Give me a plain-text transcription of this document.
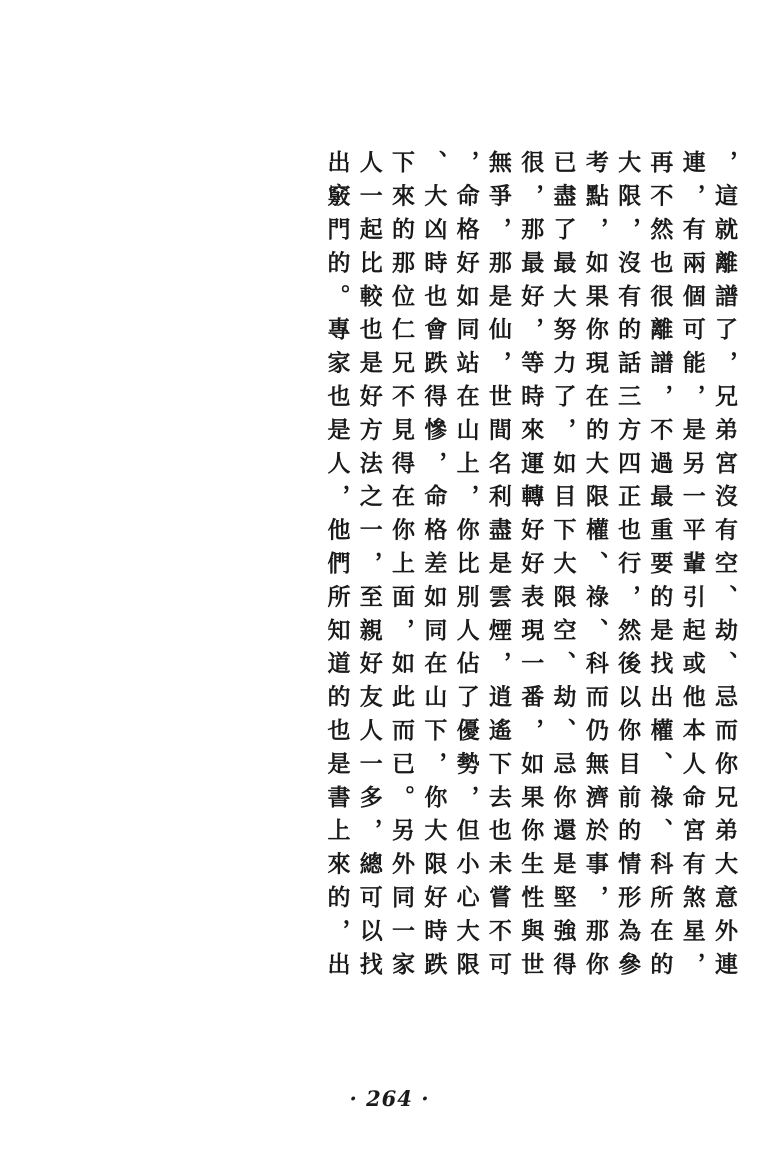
，這就離譜了，兄弟宮沒有空、劫、忌而你兄弟大意外連
連，有兩個可能，是另一平輩引起或他本人命宮有煞星，
再不然也很離譜，不過最重要的是找出權、祿、科所在的
大限，沒有的話三方四正也行，然後以你目前的情形為參
考點，如果你現在的大限權、祿、科而仍無濟於事，那你
已盡了最大努力了，如目下大限空、劫、忌你還是堅強得
很，那最好，等時來運轉好好表現一番，如果你生性與世
無爭，那是仙，世間名利盡是雲煙，逍遙下去也未嘗不可
，命格好如同站在山上，你比別人佔了優勢，但小心大限
、大凶時也會跌得慘，命格差如同在山下，你大限好時跌
下來的那位仁兄不見得在你上面，如此而已。另外同一家
人一起比較也是好方法之一，至親好友人一多，總可以找
出竅門的。專家也是人，他們所知道的也是書上來的，出
· 264 ·
